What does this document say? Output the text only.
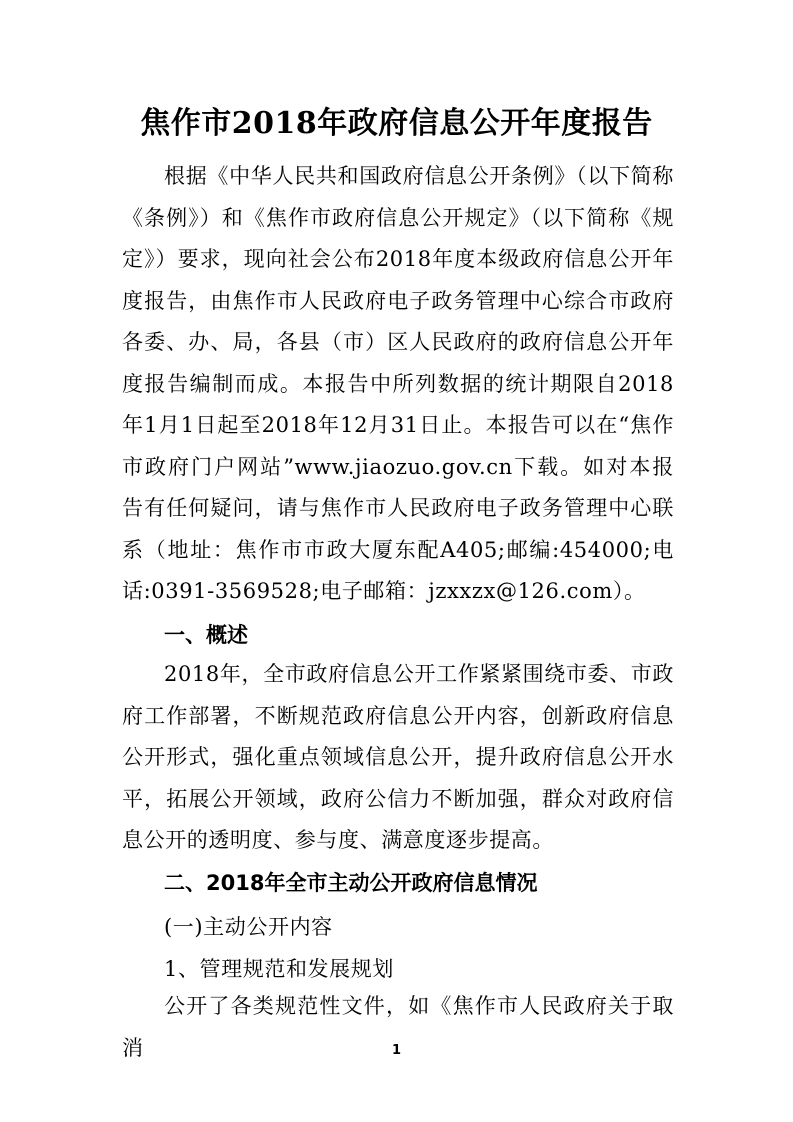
焦作市2018年政府信息公开年度报告

根据《中华人民共和国政府信息公开条例》（以下简称《条例》）和《焦作市政府信息公开规定》（以下简称《规定》）要求，现向社会公布2018年度本级政府信息公开年度报告，由焦作市人民政府电子政务管理中心综合市政府各委、办、局，各县（市）区人民政府的政府信息公开年度报告编制而成。本报告中所列数据的统计期限自2018年1月1日起至2018年12月31日止。本报告可以在“焦作市政府门户网站”www.jiaozuo.gov.cn下载。如对本报告有任何疑问，请与焦作市人民政府电子政务管理中心联系（地址：焦作市市政大厦东配A405;邮编:454000;电话:0391-3569528;电子邮箱：jzxxzx@126.com）。

一、概述

2018年，全市政府信息公开工作紧紧围绕市委、市政府工作部署，不断规范政府信息公开内容，创新政府信息公开形式，强化重点领域信息公开，提升政府信息公开水平，拓展公开领域，政府公信力不断加强，群众对政府信息公开的透明度、参与度、满意度逐步提高。

二、2018年全市主动公开政府信息情况

(一)主动公开内容

1、管理规范和发展规划

公开了各类规范性文件，如《焦作市人民政府关于取消	1
